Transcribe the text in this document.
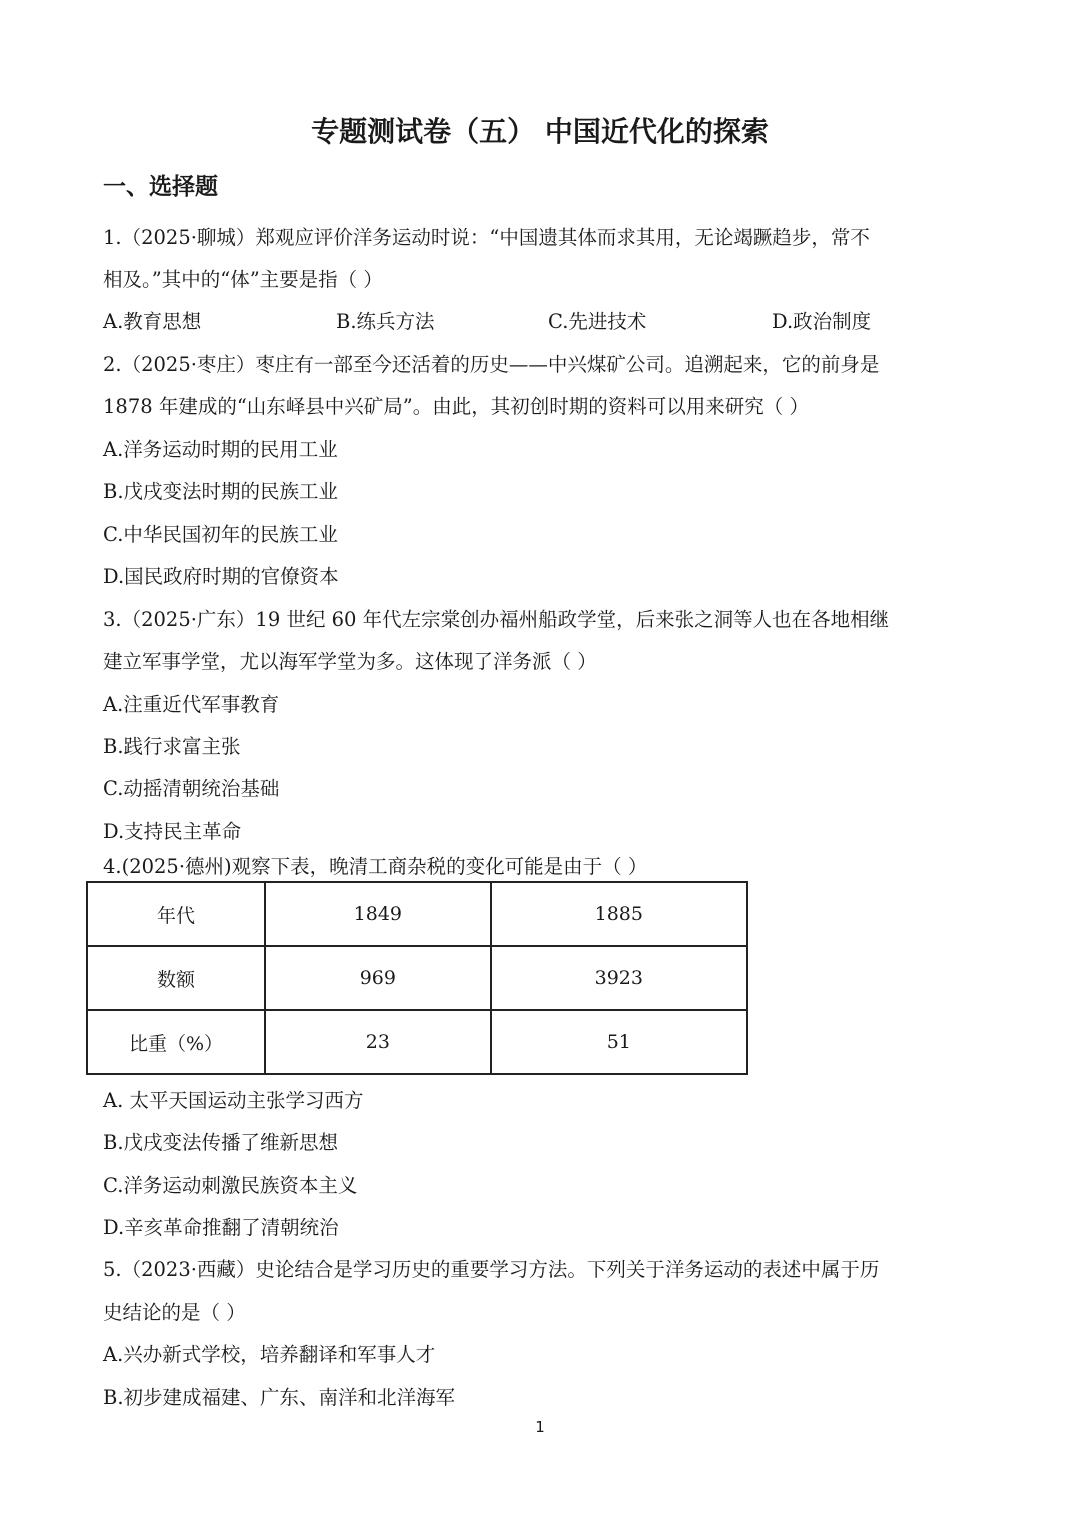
专题测试卷（五） 中国近代化的探索
一、选择题
1.（2025·聊城）郑观应评价洋务运动时说：“中国遗其体而求其用，无论竭蹶趋步，常不
相及。”其中的“体”主要是指（ ）
A.教育思想	B.练兵方法	C.先进技术	D.政治制度
2.（2025·枣庄）枣庄有一部至今还活着的历史——中兴煤矿公司。追溯起来，它的前身是
1878 年建成的“山东峄县中兴矿局”。由此，其初创时期的资料可以用来研究（ ）
A.洋务运动时期的民用工业
B.戊戌变法时期的民族工业
C.中华民国初年的民族工业
D.国民政府时期的官僚资本
3.（2025·广东）19 世纪 60 年代左宗棠创办福州船政学堂，后来张之洞等人也在各地相继
建立军事学堂，尤以海军学堂为多。这体现了洋务派（ ）
A.注重近代军事教育
B.践行求富主张
C.动摇清朝统治基础
D.支持民主革命
4.(2025·德州)观察下表，晚清工商杂税的变化可能是由于（ ）
年代	1849	1885
数额	969	3923
比重（%）	23	51
A. 太平天国运动主张学习西方
B.戊戌变法传播了维新思想
C.洋务运动刺激民族资本主义
D.辛亥革命推翻了清朝统治
5.（2023·西藏）史论结合是学习历史的重要学习方法。下列关于洋务运动的表述中属于历
史结论的是（ ）
A.兴办新式学校，培养翻译和军事人才
B.初步建成福建、广东、南洋和北洋海军
1
